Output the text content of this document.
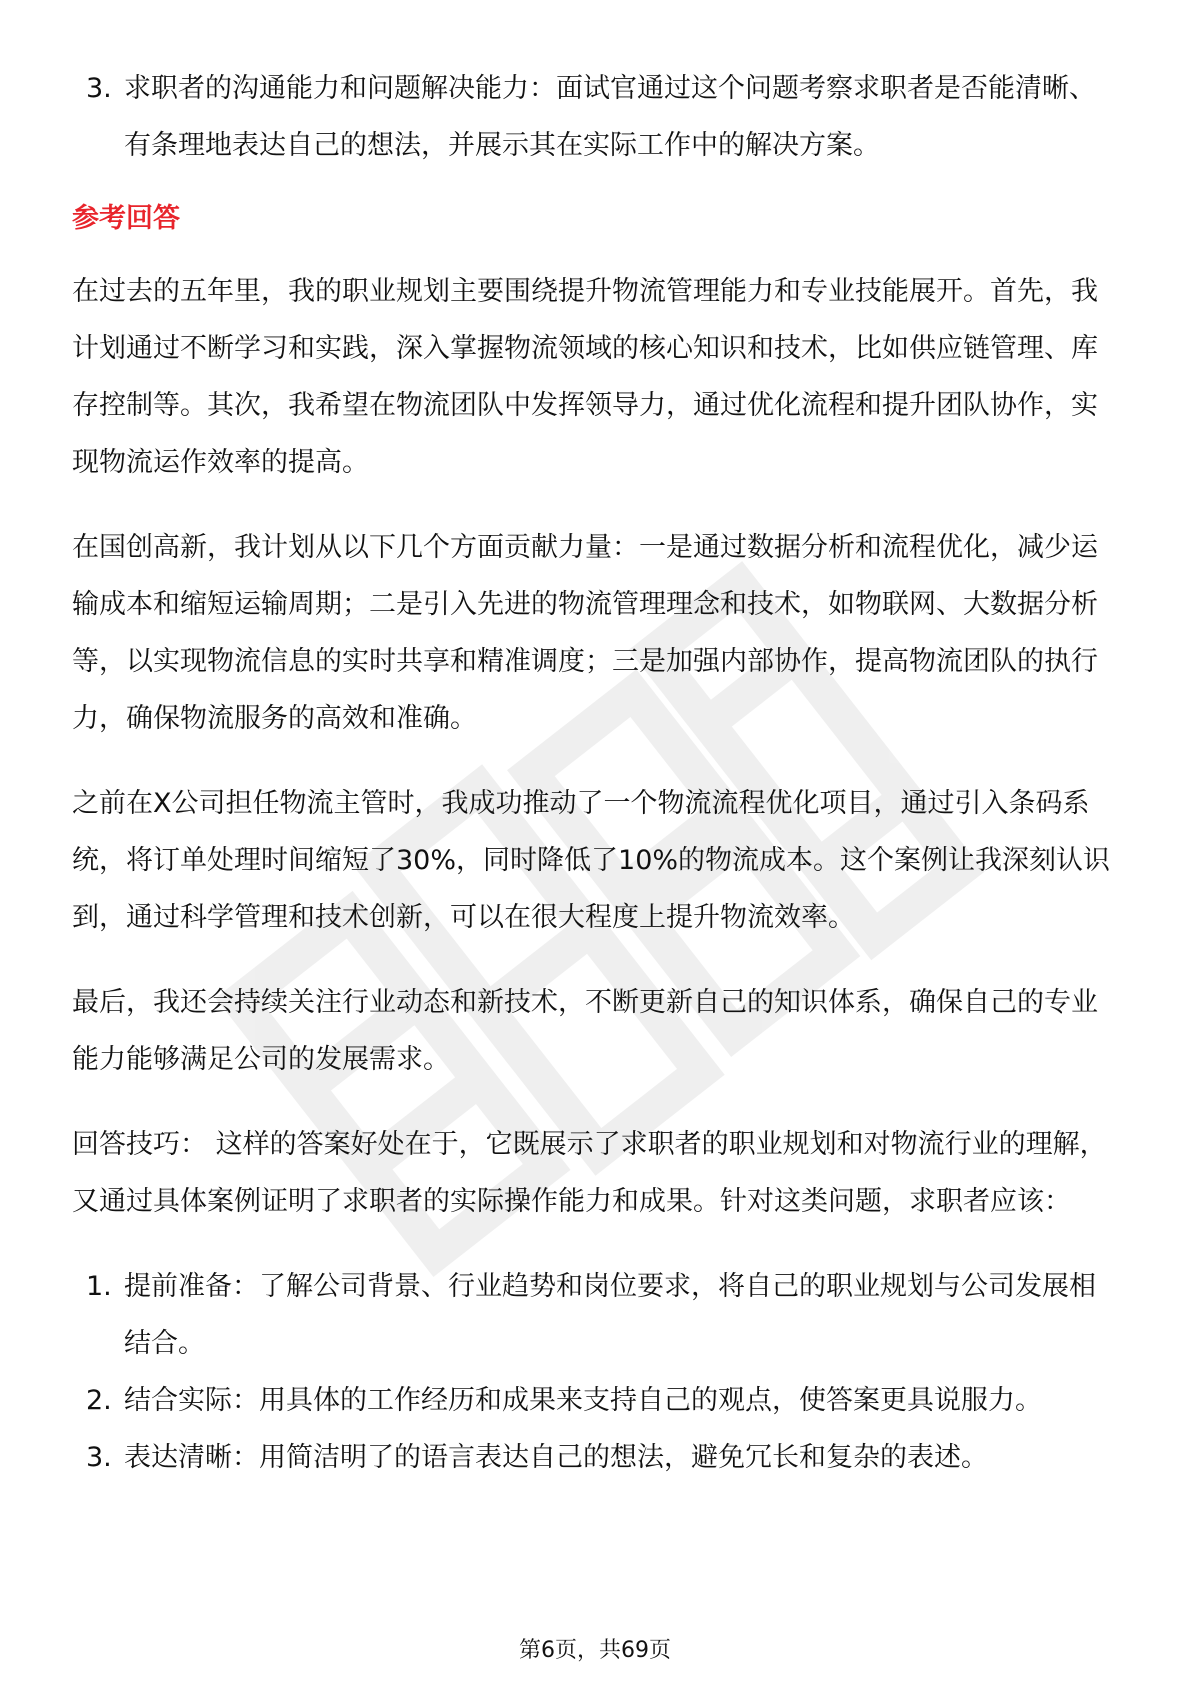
3. 求职者的沟通能力和问题解决能力：面试官通过这个问题考察求职者是否能清晰、有条理地表达自己的想法，并展示其在实际工作中的解决方案。
参考回答

在过去的五年里，我的职业规划主要围绕提升物流管理能力和专业技能展开。首先，我计划通过不断学习和实践，深入掌握物流领域的核心知识和技术，比如供应链管理、库存控制等。其次，我希望在物流团队中发挥领导力，通过优化流程和提升团队协作，实现物流运作效率的提高。

在国创高新，我计划从以下几个方面贡献力量：一是通过数据分析和流程优化，减少运输成本和缩短运输周期；二是引入先进的物流管理理念和技术，如物联网、大数据分析等，以实现物流信息的实时共享和精准调度；三是加强内部协作，提高物流团队的执行力，确保物流服务的高效和准确。

之前在X公司担任物流主管时，我成功推动了一个物流流程优化项目，通过引入条码系统，将订单处理时间缩短了30%，同时降低了10%的物流成本。这个案例让我深刻认识到，通过科学管理和技术创新，可以在很大程度上提升物流效率。

最后，我还会持续关注行业动态和新技术，不断更新自己的知识体系，确保自己的专业能力能够满足公司的发展需求。

回答技巧： 这样的答案好处在于，它既展示了求职者的职业规划和对物流行业的理解，又通过具体案例证明了求职者的实际操作能力和成果。针对这类问题，求职者应该：

1. 提前准备：了解公司背景、行业趋势和岗位要求，将自己的职业规划与公司发展相结合。
2. 结合实际：用具体的工作经历和成果来支持自己的观点，使答案更具说服力。
3. 表达清晰：用简洁明了的语言表达自己的想法，避免冗长和复杂的表述。
第6页，共69页
